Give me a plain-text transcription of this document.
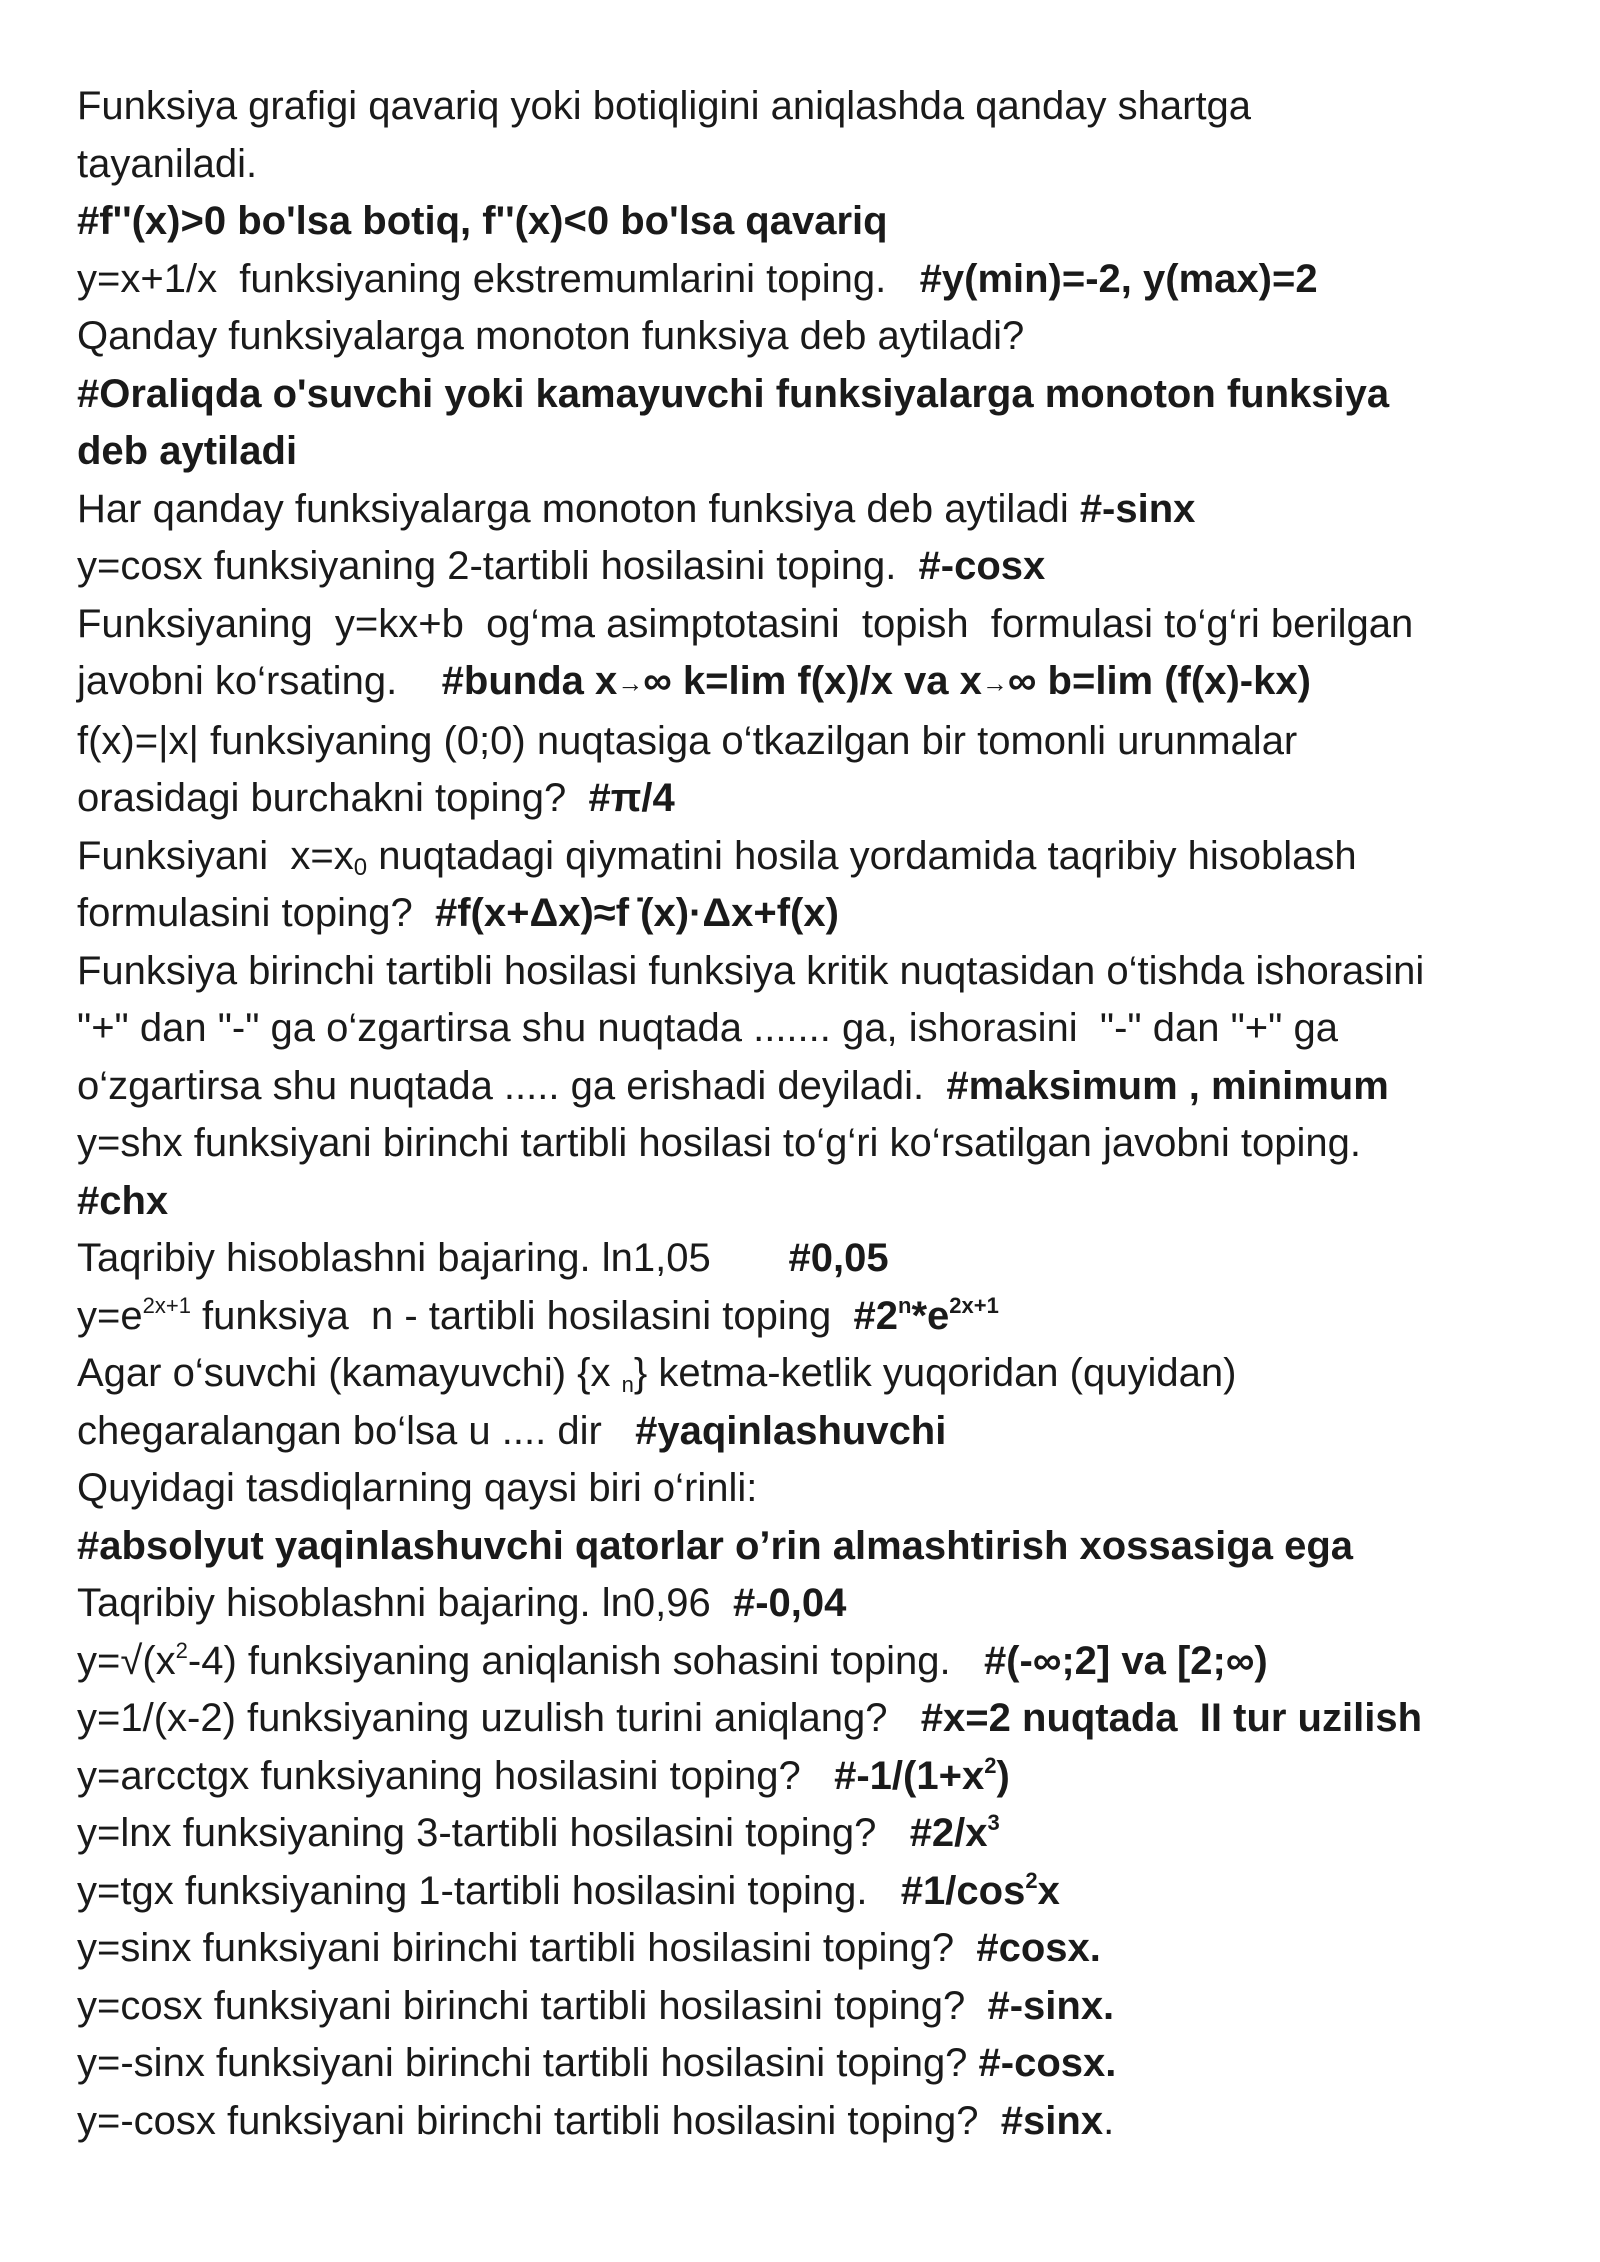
Funksiya grafigi qavariq yoki botiqligini aniqlashda qanday shartga
tayaniladi.
#f''(x)>0 bo'lsa botiq, f''(x)<0 bo'lsa qavariq
y=x+1/x  funksiyaning ekstremumlarini toping.   #y(min)=-2, y(max)=2
Qanday funksiyalarga monoton funksiya deb aytiladi?
#Oraliqda o'suvchi yoki kamayuvchi funksiyalarga monoton funksiya
deb aytiladi
Har qanday funksiyalarga monoton funksiya deb aytiladi #-sinx
y=cosx funksiyaning 2-tartibli hosilasini toping.  #-cosx
Funksiyaning  y=kx+b  og‘ma asimptotasini  topish  formulasi to‘g‘ri berilgan
javobni ko‘rsating.    #bunda x→∞ k=lim f(x)/x va x→∞ b=lim (f(x)-kx)
f(x)=|x| funksiyaning (0;0) nuqtasiga o‘tkazilgan bir tomonli urunmalar
orasidagi burchakni toping?  #π/4
Funksiyani  x=x0 nuqtadagi qiymatini hosila yordamida taqribiy hisoblash
formulasini toping?  #f(x+Δx)≈f ̇(x)·Δx+f(x)
Funksiya birinchi tartibli hosilasi funksiya kritik nuqtasidan o‘tishda ishorasini
"+" dan "-" ga o‘zgartirsa shu nuqtada ....... ga, ishorasini  "-" dan "+" ga
o‘zgartirsa shu nuqtada ..... ga erishadi deyiladi.  #maksimum , minimum
y=shx funksiyani birinchi tartibli hosilasi to‘g‘ri ko‘rsatilgan javobni toping.
#chx
Taqribiy hisoblashni bajaring. ln1,05       #0,05
$y=e^{2x+1}$ funksiya  n - tartibli hosilasini toping  $\#2^n*e^{2x+1}$
Agar o‘suvchi (kamayuvchi) {x $_n$} ketma-ketlik yuqoridan (quyidan)
chegaralangan bo‘lsa u .... dir   #yaqinlashuvchi
Quyidagi tasdiqlarning qaysi biri o‘rinli:
#absolyut yaqinlashuvchi qatorlar o’rin almashtirish xossasiga ega
Taqribiy hisoblashni bajaring. ln0,96  #-0,04
$y=√(x^2-4)$ funksiyaning aniqlanish sohasini toping.   #(-∞;2] va [2;∞)
y=1/(x-2) funksiyaning uzulish turini aniqlang?   #x=2 nuqtada  II tur uzilish
y=arcctgx funksiyaning hosilasini toping?   $\#-1/(1+x^2)$
y=lnx funksiyaning 3-tartibli hosilasini toping?   $\#2/x^3$
y=tgx funksiyaning 1-tartibli hosilasini toping.   $\#1/\cos^2x$
y=sinx funksiyani birinchi tartibli hosilasini toping?  #cosx.
y=cosx funksiyani birinchi tartibli hosilasini toping?  #-sinx.
y=-sinx funksiyani birinchi tartibli hosilasini toping? #-cosx.
y=-cosx funksiyani birinchi tartibli hosilasini toping?  #sinx.
